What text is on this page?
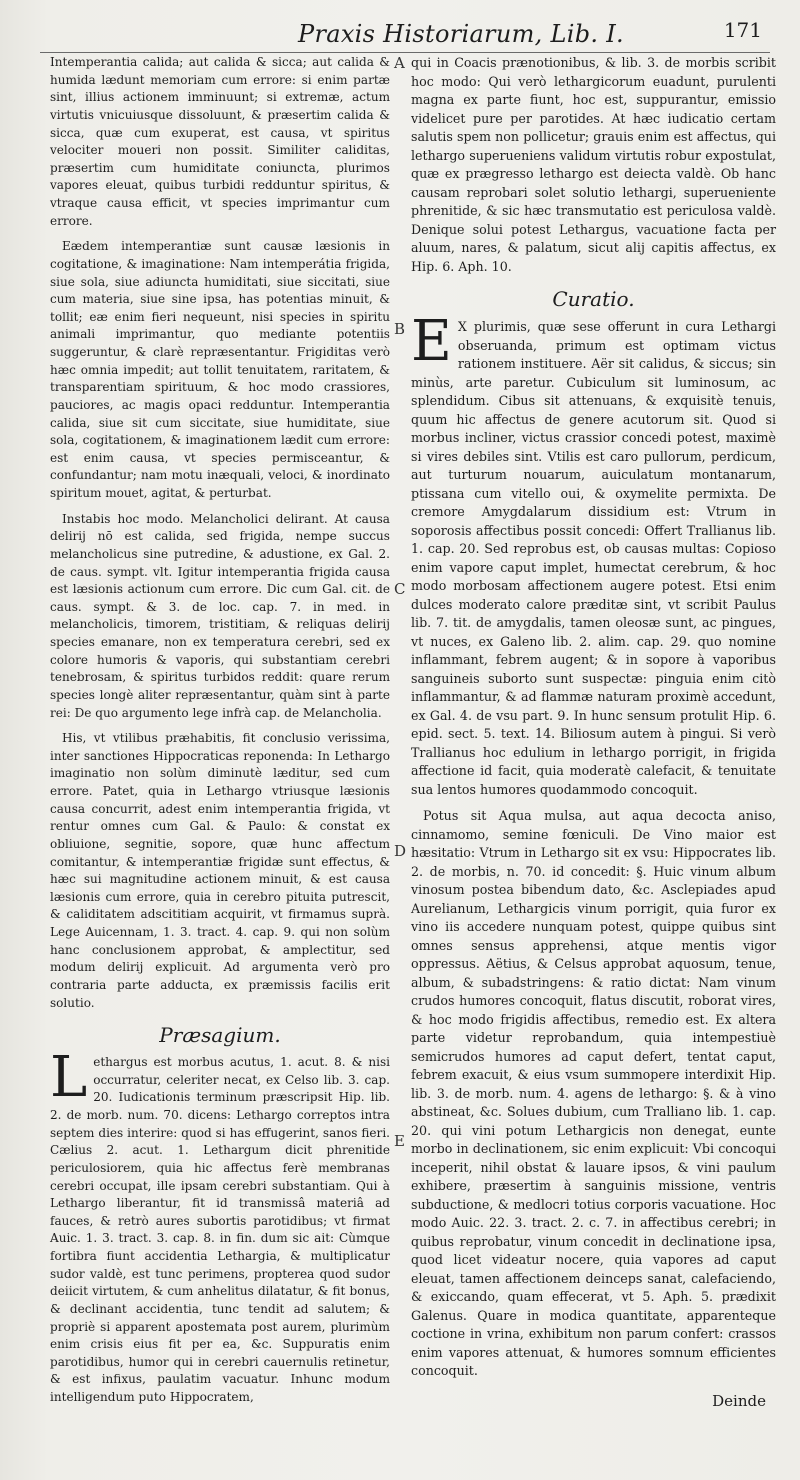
Praxis Historiarum, Lib. I.	171

Intemperantia calida; aut calida & sicca; aut calida & humida lædunt memoriam cum errore: si enim partæ sint, illius actionem imminuunt; si extremæ, actum virtutis vnicuiusque dissoluunt, & præsertim calida & sicca, quæ cum exuperat, est causa, vt spiritus velociter moueri non possit. Similiter caliditas, præsertim cum humiditate coniuncta, plurimos vapores eleuat, quibus turbidi redduntur spiritus, & vtraque causa efficit, vt species imprimantur cum errore.

Eædem intemperantiæ sunt causæ læsionis in cogitatione, & imaginatione: Nam intemperátia frigida, siue sola, siue adiuncta humiditati, siue siccitati, siue cum materia, siue sine ipsa, has potentias minuit, & tollit; eæ enim fieri nequeunt, nisi species in spiritu animali imprimantur, quo mediante potentiis suggeruntur, & clarè repræsentantur. Frigiditas verò hæc omnia impedit; aut tollit tenuitatem, raritatem, & transparentiam spirituum, & hoc modo crassiores, pauciores, ac magis opaci redduntur. Intemperantia calida, siue sit cum siccitate, siue humiditate, siue sola, cogitationem, & imaginationem lædit cum errore: est enim causa, vt species permisceantur, & confundantur; nam motu inæquali, veloci, & inordinato spiritum mouet, agitat, & perturbat.

Instabis hoc modo. Melancholici delirant. At causa delirij nō est calida, sed frigida, nempe succus melancholicus sine putredine, & adustione, ex Gal. 2. de caus. sympt. vlt. Igitur intemperantia frigida causa est læsionis actionum cum errore. Dic cum Gal. cit. de caus. sympt. & 3. de loc. cap. 7. in med. in melancholicis, timorem, tristitiam, & reliquas delirij species emanare, non ex temperatura cerebri, sed ex colore humoris & vaporis, qui substantiam cerebri tenebrosam, & spiritus turbidos reddit: quare rerum species longè aliter repræsentantur, quàm sint à parte rei: De quo argumento lege infrà cap. de Melancholia.

His, vt vtilibus præhabitis, fit conclusio verissima, inter sanctiones Hippocraticas reponenda: In Lethargo imaginatio non solùm diminutè læditur, sed cum errore. Patet, quia in Lethargo vtriusque læsionis causa concurrit, adest enim intemperantia frigida, vt rentur omnes cum Gal. & Paulo: & constat ex obliuione, segnitie, sopore, quæ hunc affectum comitantur, & intemperantiæ frigidæ sunt effectus, & hæc sui magnitudine actionem minuit, & est causa læsionis cum errore, quia in cerebro pituita putrescit, & caliditatem adscititiam acquirit, vt firmamus suprà. Lege Auicennam, 1. 3. tract. 4. cap. 9. qui non solùm hanc conclusionem approbat, & amplectitur, sed modum delirij explicuit. Ad argumenta verò pro contraria parte adducta, ex præmissis facilis erit solutio.

Præsagium.

Lethargus est morbus acutus, 1. acut. 8. & nisi occurratur, celeriter necat, ex Celso lib. 3. cap. 20. Iudicationis terminum præscripsit Hip. lib. 2. de morb. num. 70. dicens: Lethargo correptos intra septem dies interire: quod si has effugerint, sanos fieri. Cælius 2. acut. 1. Lethargum dicit phrenitide periculosiorem, quia hic affectus ferè membranas cerebri occupat, ille ipsam cerebri substantiam. Qui à Lethargo liberantur, fit id transmissâ materiâ ad fauces, & retrò aures subortis parotidibus; vt firmat Auic. 1. 3. tract. 3. cap. 8. in fin. dum sic ait: Cùmque fortibra fiunt accidentia Lethargia, & multiplicatur sudor valdè, est tunc perimens, propterea quod sudor deiicit virtutem, & cum anhelitus dilatatur, & fit bonus, & declinant accidentia, tunc tendit ad salutem; & propriè si apparent apostemata post aurem, plurimùm enim crisis eius fit per ea, &c. Suppuratis enim parotidibus, humor qui in cerebri cauernulis retinetur, & est infixus, paulatim vacuatur. Inhunc modum intelligendum puto Hippocratem,

qui in Coacis prænotionibus, & lib. 3. de morbis scribit hoc modo: Qui verò lethargicorum euadunt, purulenti magna ex parte fiunt, hoc est, suppurantur, emissio videlicet pure per parotides. At hæc iudicatio certam salutis spem non pollicetur; grauis enim est affectus, qui lethargo superueniens validum virtutis robur expostulat, quæ ex prægresso lethargo est deiecta valdè. Ob hanc causam reprobari solet solutio lethargi, superueniente phrenitide, & sic hæc transmutatio est periculosa valdè. Denique solui potest Lethargus, vacuatione facta per aluum, nares, & palatum, sicut alij capitis affectus, ex Hip. 6. Aph. 10.

Curatio.

E X plurimis, quæ sese offerunt in cura Lethargi obseruanda, primum est optimam victus rationem instituere. Aër sit calidus, & siccus; sin minùs, arte paretur. Cubiculum sit luminosum, ac splendidum. Cibus sit attenuans, & exquisitè tenuis, quum hic affectus de genere acutorum sit. Quod si morbus incliner, victus crassior concedi potest, maximè si vires debiles sint. Vtilis est caro pullorum, perdicum, aut turturum nouarum, auiculatum montanarum, ptissana cum vitello oui, & oxymelite permixta. De cremore Amygdalarum dissidium est: Vtrum in soporosis affectibus possit concedi: Offert Trallianus lib. 1. cap. 20. Sed reprobus est, ob causas multas: Copioso enim vapore caput implet, humectat cerebrum, & hoc modo morbosam affectionem augere potest. Etsi enim dulces moderato calore præditæ sint, vt scribit Paulus lib. 7. tit. de amygdalis, tamen oleosæ sunt, ac pingues, vt nuces, ex Galeno lib. 2. alim. cap. 29. quo nomine inflammant, febrem augent; & in sopore à vaporibus sanguineis suborto sunt suspectæ: pinguia enim citò inflammantur, & ad flammæ naturam proximè accedunt, ex Gal. 4. de vsu part. 9. In hunc sensum protulit Hip. 6. epid. sect. 5. text. 14. Biliosum autem à pingui. Si verò Trallianus hoc edulium in lethargo porrigit, in frigida affectione id facit, quia moderatè calefacit, & tenuitate sua lentos humores quodammodo concoquit.

Potus sit Aqua mulsa, aut aqua decocta aniso, cinnamomo, semine fœniculi. De Vino maior est hæsitatio: Vtrum in Lethargo sit ex vsu: Hippocrates lib. 2. de morbis, n. 70. id concedit: §. Huic vinum album vinosum postea bibendum dato, &c. Asclepiades apud Aurelianum, Lethargicis vinum porrigit, quia furor ex vino iis accedere nunquam potest, quippe quibus sint omnes sensus apprehensi, atque mentis vigor oppressus. Aëtius, & Celsus approbat aquosum, tenue, album, & subadstringens: & ratio dictat: Nam vinum crudos humores concoquit, flatus discutit, roborat vires, & hoc modo frigidis affectibus, remedio est. Ex altera parte videtur reprobandum, quia intempestiuè semicrudos humores ad caput defert, tentat caput, febrem exacuit, & eius vsum summopere interdixit Hip. lib. 3. de morb. num. 4. agens de lethargo: §. & à vino abstineat, &c. Solues dubium, cum Tralliano lib. 1. cap. 20. qui vini potum Lethargicis non denegat, eunte morbo in declinationem, sic enim explicuit: Vbi concoqui inceperit, nihil obstat & lauare ipsos, & vini paulum exhibere, præsertim à sanguinis missione, ventris subductione, & medlocri totius corporis vacuatione. Hoc modo Auic. 22. 3. tract. 2. c. 7. in affectibus cerebri; in quibus reprobatur, vinum concedit in declinatione ipsa, quod licet videatur nocere, quia vapores ad caput eleuat, tamen affectionem deinceps sanat, calefaciendo, & exiccando, quam effecerat, vt 5. Aph. 5. prædixit Galenus. Quare in modica quantitate, apparenteque coctione in vrina, exhibitum non parum confert: crassos enim vapores attenuat, & humores somnum efficientes concoquit.

A
B
C
D
E
Deinde
